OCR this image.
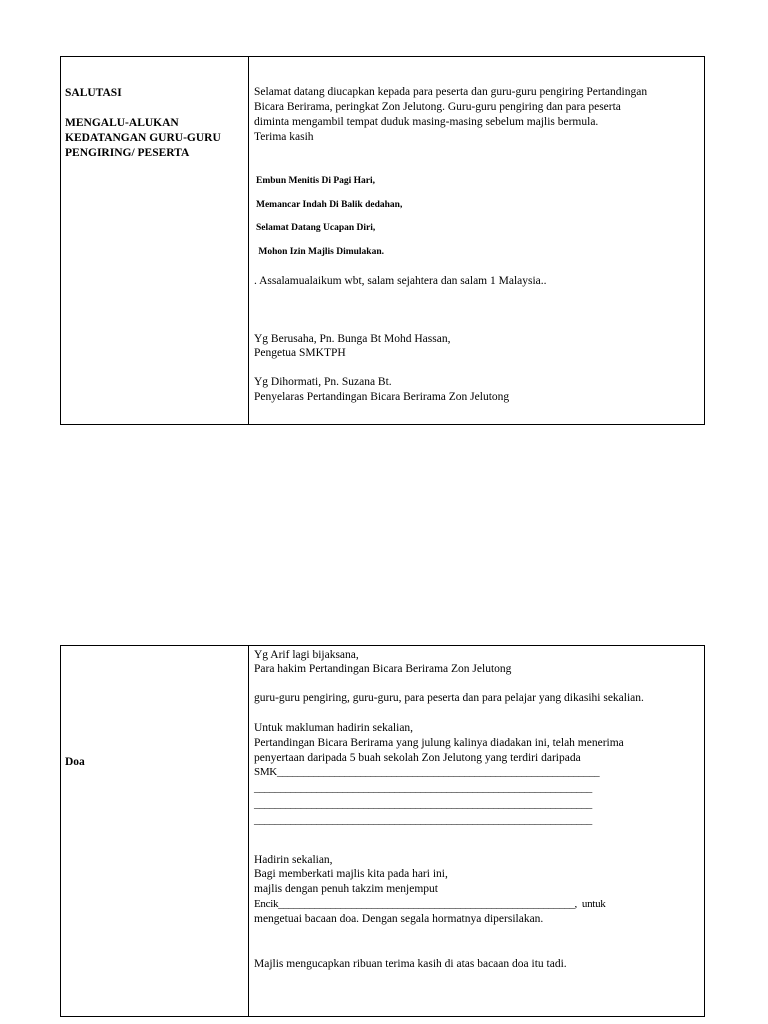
SALUTASI
MENGALU-ALUKAN
KEDATANGAN GURU-GURU
PENGIRING/ PESERTA
Selamat datang diucapkan kepada para peserta dan guru-guru pengiring Pertandingan
Bicara Berirama, peringkat Zon Jelutong. Guru-guru pengiring dan para peserta
diminta mengambil tempat duduk masing-masing sebelum majlis bermula.
Terima kasih
Embun Menitis Di Pagi Hari,
Memancar Indah Di Balik dedahan,
Selamat Datang Ucapan Diri,
Mohon Izin Majlis Dimulakan.
. Assalamualaikum wbt, salam sejahtera dan salam 1 Malaysia..
Yg Berusaha, Pn. Bunga Bt Mohd Hassan,
Pengetua SMKTPH
Yg Dihormati, Pn. Suzana Bt.
Penyelaras Pertandingan Bicara Berirama Zon Jelutong
Doa
Yg Arif lagi bijaksana,
Para hakim Pertandingan Bicara Berirama Zon Jelutong
guru-guru pengiring, guru-guru, para peserta dan para pelajar yang dikasihi sekalian.
Untuk makluman hadirin sekalian,
Pertandingan Bicara Berirama yang julung kalinya diadakan ini, telah menerima
penyertaan daripada 5 buah sekolah Zon Jelutong yang terdiri daripada
SMK______________________________________________________________
_________________________________________________________________
_________________________________________________________________
_________________________________________________________________
Hadirin sekalian,
Bagi memberkati majlis kita pada hari ini,
majlis dengan penuh takzim menjemput
Encik_________________________________________________________,  untuk
mengetuai bacaan doa. Dengan segala hormatnya dipersilakan.
Majlis mengucapkan ribuan terima kasih di atas bacaan doa itu tadi.
